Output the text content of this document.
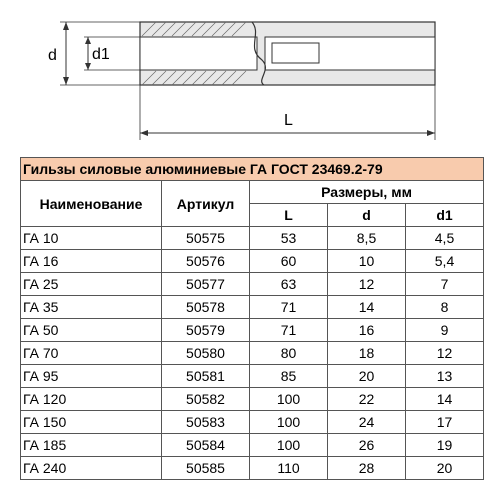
d d1
L
Гильзы силовые алюминиевые ГА ГОСТ 23469.2-79				
Наименование	Артикул	Размеры, мм		
		L	d	d1
ГА 10	50575	53	8,5	4,5
ГА 16	50576	60	10	5,4
ГА 25	50577	63	12	7
ГА 35	50578	71	14	8
ГА 50	50579	71	16	9
ГА 70	50580	80	18	12
ГА 95	50581	85	20	13
ГА 120	50582	100	22	14
ГА 150	50583	100	24	17
ГА 185	50584	100	26	19
ГА 240	50585	110	28	20
